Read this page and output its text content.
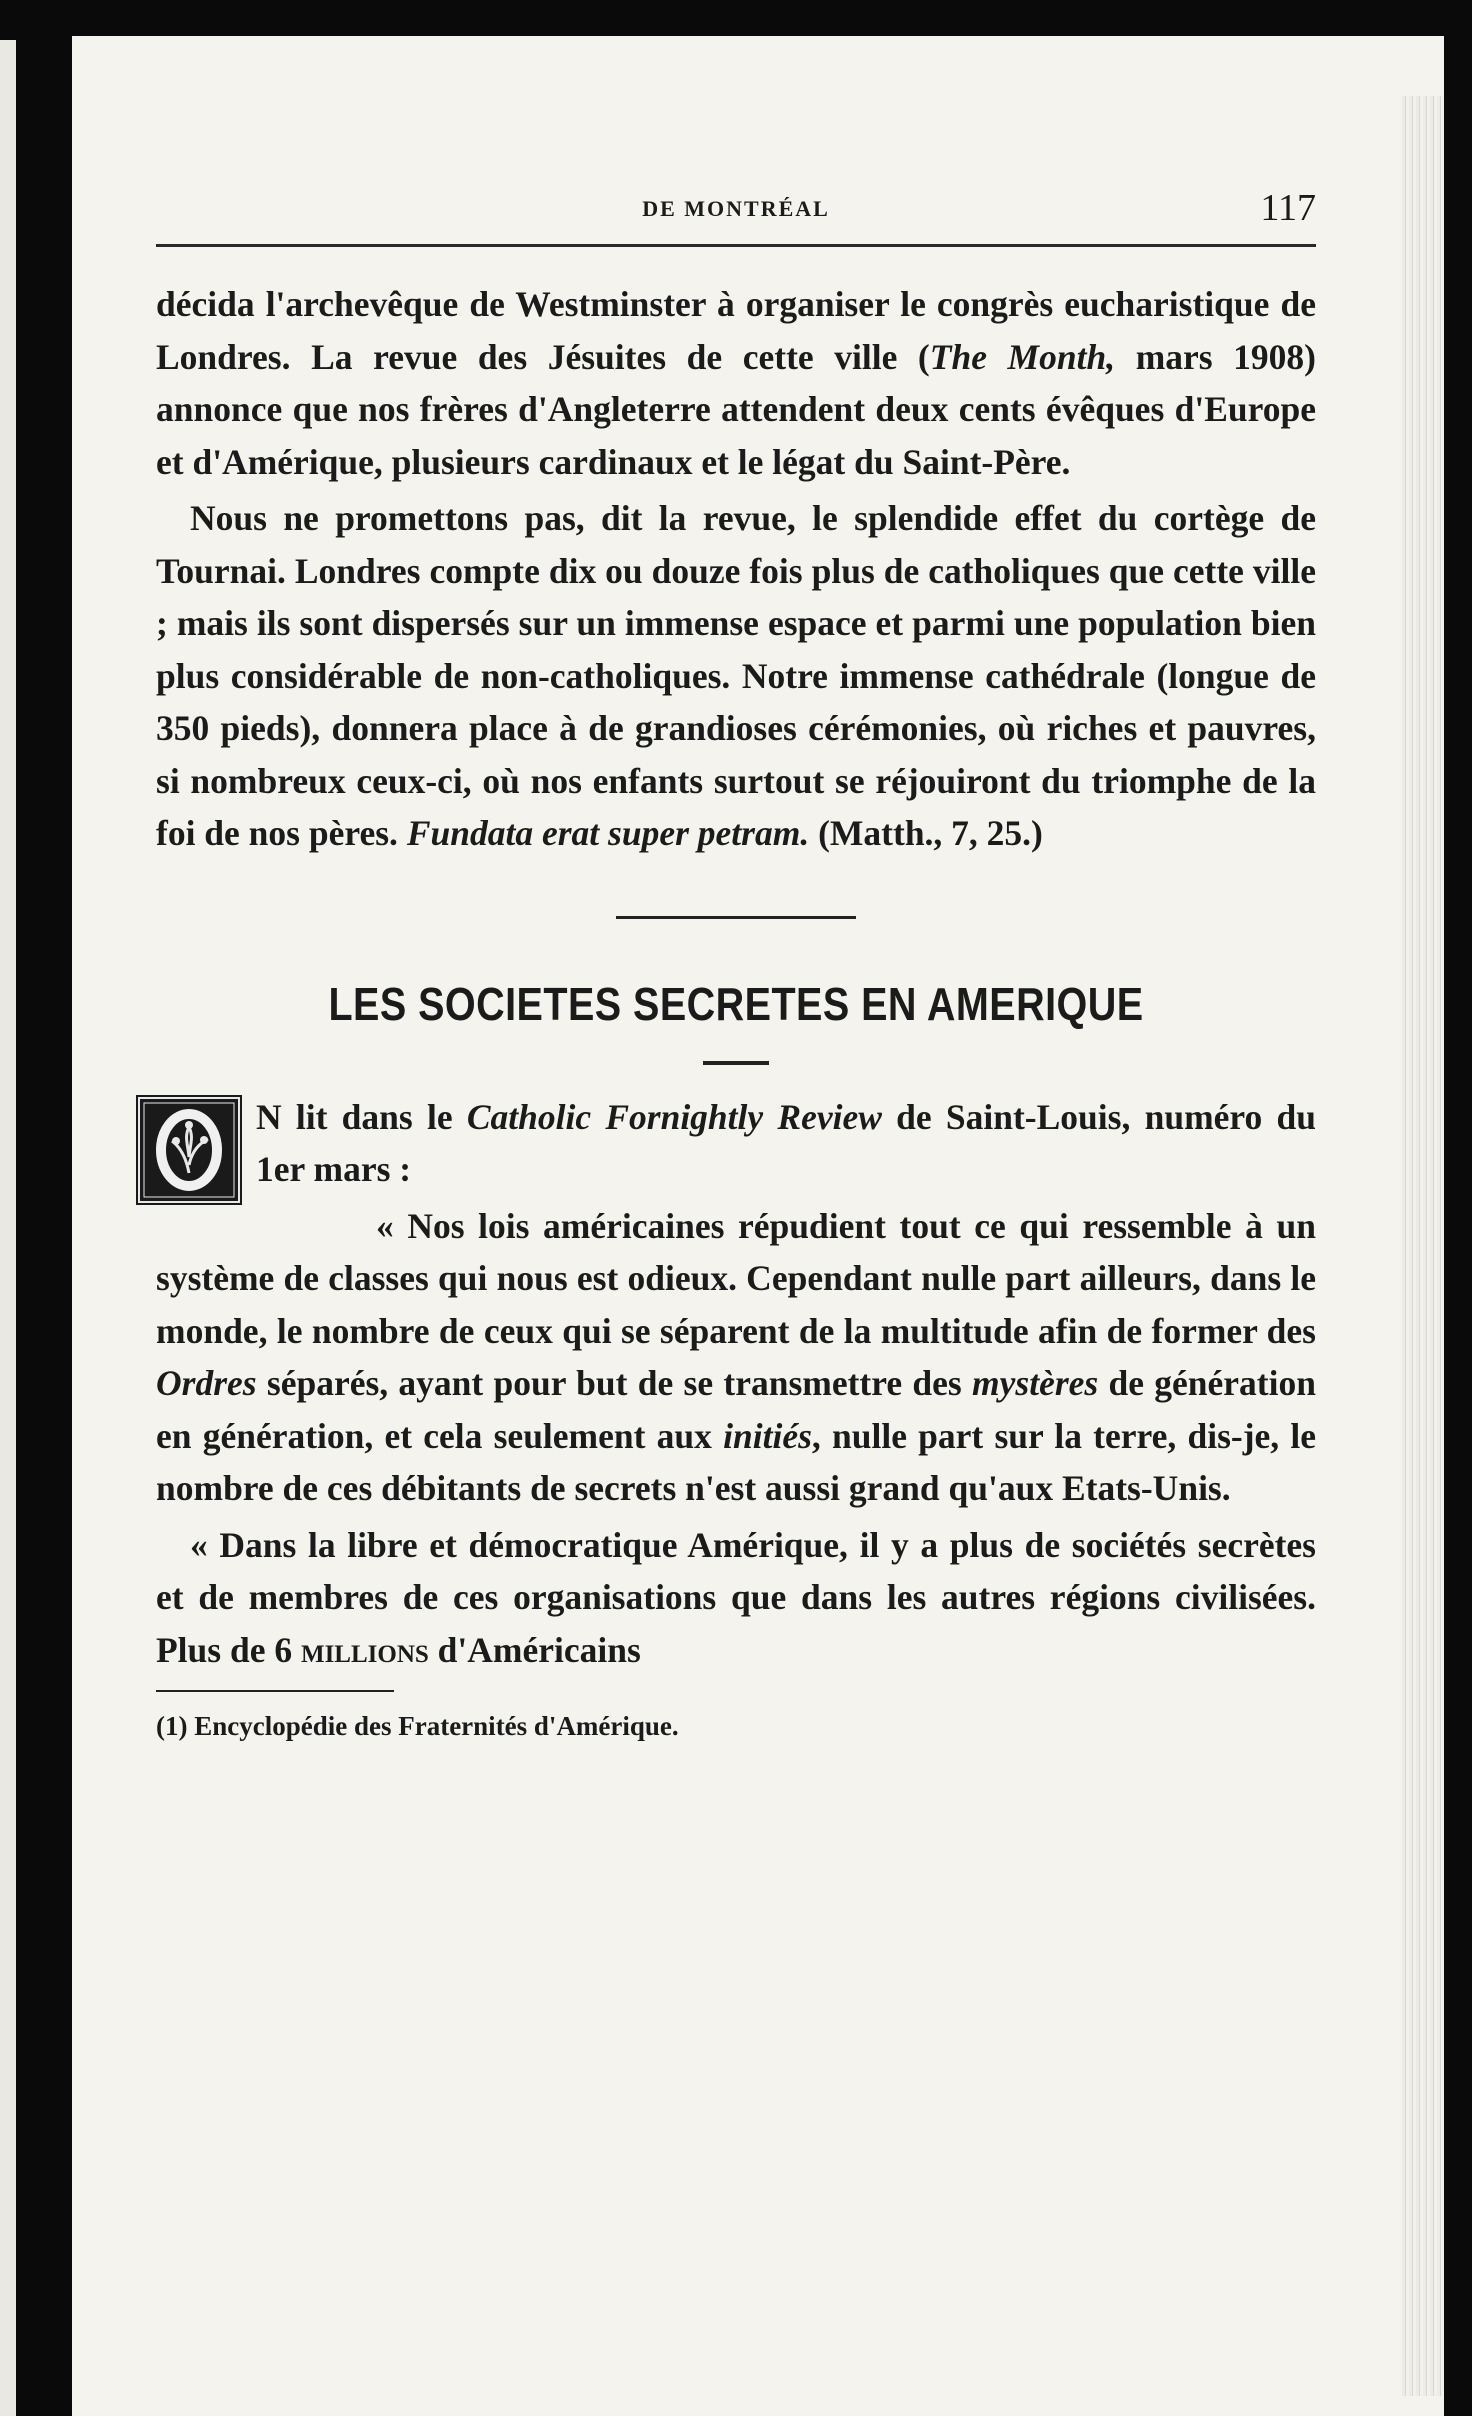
DE MONTRÉAL	117

décida l'archevêque de Westminster à organiser le congrès eucharistique de Londres. La revue des Jésuites de cette ville (The Month, mars 1908) annonce que nos frères d'Angleterre attendent deux cents évêques d'Europe et d'Amérique, plusieurs cardinaux et le légat du Saint-Père.

Nous ne promettons pas, dit la revue, le splendide effet du cortège de Tournai. Londres compte dix ou douze fois plus de catholiques que cette ville ; mais ils sont dispersés sur un immense espace et parmi une population bien plus considérable de non-catholiques. Notre immense cathédrale (longue de 350 pieds), donnera place à de grandioses cérémonies, où riches et pauvres, si nombreux ceux-ci, où nos enfants surtout se réjouiront du triomphe de la foi de nos pères. Fundata erat super petram. (Matth., 7, 25.)

LES SOCIETES SECRETES EN AMERIQUE

N lit dans le Catholic Fornightly Review de Saint-Louis, numéro du 1er mars :

« Nos lois américaines répudient tout ce qui ressemble à un système de classes qui nous est odieux. Cependant nulle part ailleurs, dans le monde, le nombre de ceux qui se séparent de la multitude afin de former des Ordres séparés, ayant pour but de se transmettre des mystères de génération en génération, et cela seulement aux initiés, nulle part sur la terre, dis-je, le nombre de ces débitants de secrets n'est aussi grand qu'aux Etats-Unis.

« Dans la libre et démocratique Amérique, il y a plus de sociétés secrètes et de membres de ces organisations que dans les autres régions civilisées. Plus de 6 millions d'Américains

(1) Encyclopédie des Fraternités d'Amérique.
